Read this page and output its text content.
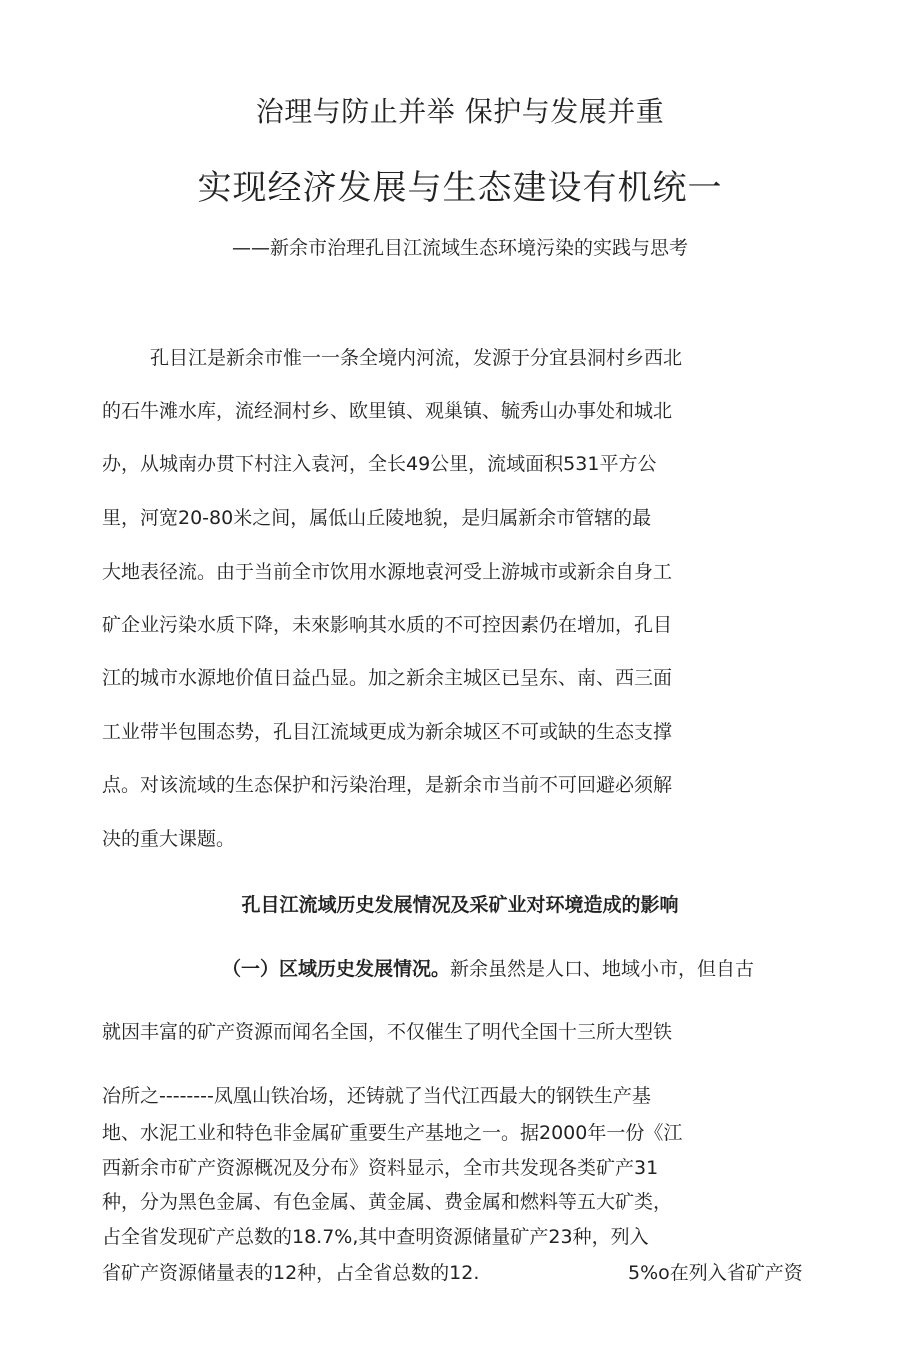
治理与防止并举 保护与发展并重
实现经济发展与生态建设有机统一
——新余市治理孔目江流域生态环境污染的实践与思考
孔目江是新余市惟一一条全境内河流，发源于分宜县洞村乡西北
的石牛滩水库，流经洞村乡、欧里镇、观巢镇、毓秀山办事处和城北
办，从城南办贯下村注入袁河，全长49公里，流域面积531平方公
里，河宽20-80米之间，属低山丘陵地貌，是归属新余市管辖的最
大地表径流。由于当前全市饮用水源地袁河受上游城市或新余自身工
矿企业污染水质下降，未來影响其水质的不可控因素仍在增加，孔目
江的城市水源地价值日益凸显。加之新余主城区已呈东、南、西三面
工业带半包围态势，孔目江流域更成为新余城区不可或缺的生态支撑
点。对该流域的生态保护和污染治理，是新余市当前不可回避必须解
决的重大课题。
孔目江流域历史发展情况及采矿业对环境造成的影响
（一）区域历史发展情况。新余虽然是人口、地域小市，但自古
就因丰富的矿产资源而闻名全国，不仅催生了明代全国十三所大型铁
冶所之--------凤凰山铁冶场，还铸就了当代江西最大的钢铁生产基
地、水泥工业和特色非金属矿重要生产基地之一。据2000年一份《江
西新余市矿产资源概况及分布》资料显示，全市共发现各类矿产31
种，分为黑色金属、有色金属、黄金属、费金属和燃料等五大矿类，
占全省发现矿产总数的18.7%,其中查明资源储量矿产23种，列入
省矿产资源储量表的12种，占全省总数的12.	5%o在列入省矿产资
